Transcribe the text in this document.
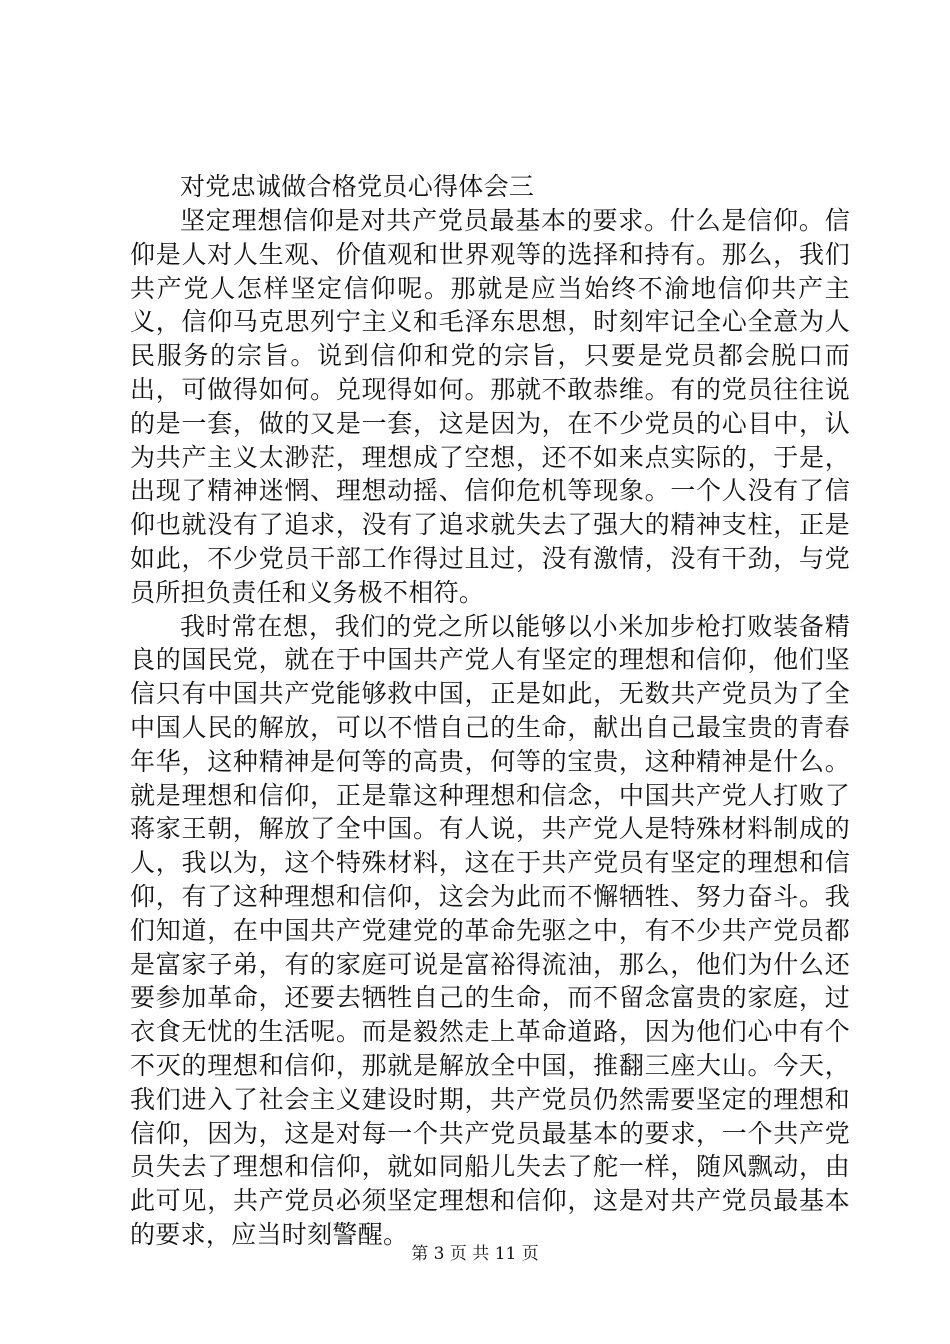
对党忠诚做合格党员心得体会三

坚定理想信仰是对共产党员最基本的要求。什么是信仰。信仰是人对人生观、价值观和世界观等的选择和持有。那么，我们共产党人怎样坚定信仰呢。那就是应当始终不渝地信仰共产主义，信仰马克思列宁主义和毛泽东思想，时刻牢记全心全意为人民服务的宗旨。说到信仰和党的宗旨，只要是党员都会脱口而出，可做得如何。兑现得如何。那就不敢恭维。有的党员往往说的是一套，做的又是一套，这是因为，在不少党员的心目中，认为共产主义太渺茫，理想成了空想，还不如来点实际的，于是，出现了精神迷惘、理想动摇、信仰危机等现象。一个人没有了信仰也就没有了追求，没有了追求就失去了强大的精神支柱，正是如此，不少党员干部工作得过且过，没有激情，没有干劲，与党员所担负责任和义务极不相符。

我时常在想，我们的党之所以能够以小米加步枪打败装备精良的国民党，就在于中国共产党人有坚定的理想和信仰，他们坚信只有中国共产党能够救中国，正是如此，无数共产党员为了全中国人民的解放，可以不惜自己的生命，献出自己最宝贵的青春年华，这种精神是何等的高贵，何等的宝贵，这种精神是什么。就是理想和信仰，正是靠这种理想和信念，中国共产党人打败了蒋家王朝，解放了全中国。有人说，共产党人是特殊材料制成的人，我以为，这个特殊材料，这在于共产党员有坚定的理想和信仰，有了这种理想和信仰，这会为此而不懈牺牲、努力奋斗。我们知道，在中国共产党建党的革命先驱之中，有不少共产党员都是富家子弟，有的家庭可说是富裕得流油，那么，他们为什么还要参加革命，还要去牺牲自己的生命，而不留念富贵的家庭，过衣食无忧的生活呢。而是毅然走上革命道路，因为他们心中有个不灭的理想和信仰，那就是解放全中国，推翻三座大山。今天，我们进入了社会主义建设时期，共产党员仍然需要坚定的理想和信仰，因为，这是对每一个共产党员最基本的要求，一个共产党员失去了理想和信仰，就如同船儿失去了舵一样，随风飘动，由此可见，共产党员必须坚定理想和信仰，这是对共产党员最基本的要求，应当时刻警醒。

第 3 页 共 11 页
